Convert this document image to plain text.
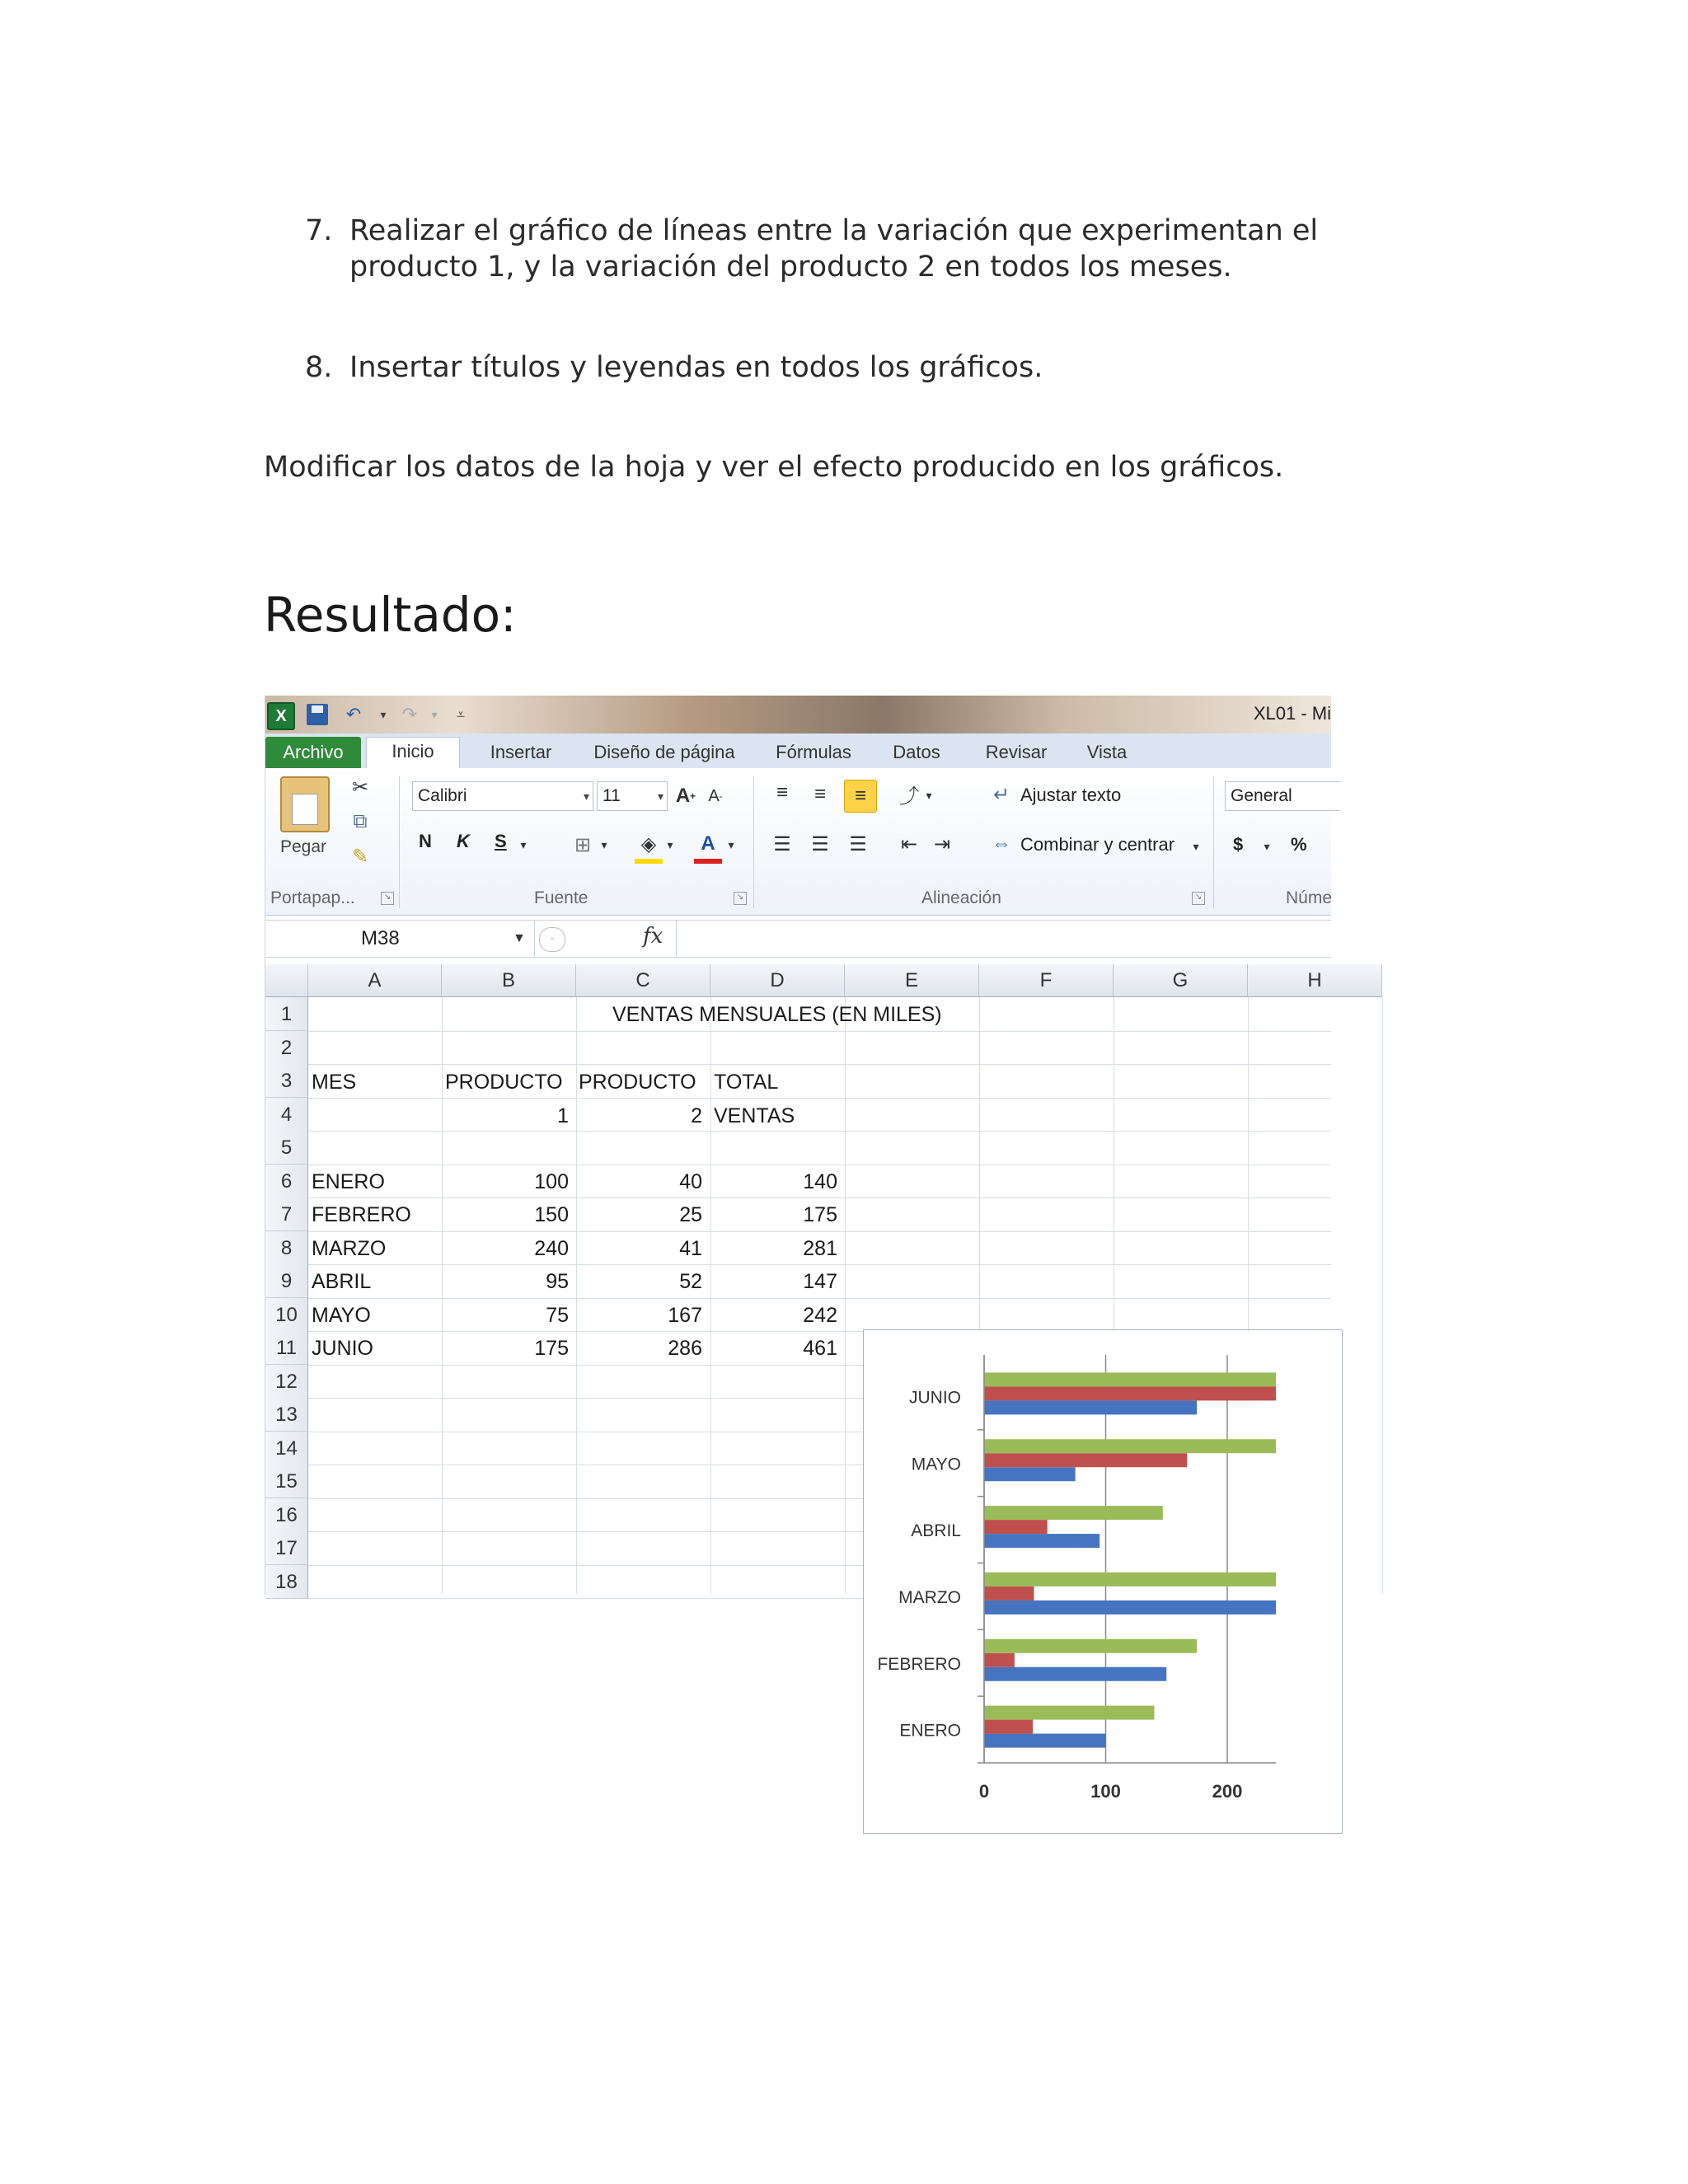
7. Realizar el gráfico de líneas entre la variación que experimentan el
producto 1, y la variación del producto 2 en todos los meses.
8. Insertar títulos y leyendas en todos los gráficos.
Modificar los datos de la hoja y ver el efecto producido en los gráficos.
Resultado:
X	↶	▾ ↷	▾	⩡	XL01 - Mi
Archivo	Inicio	Insertar	Diseño de página	Fórmulas	Datos	Revisar	Vista
Pegar
✂
⧉
✎
Portapap...	↘
Calibri	▾ 11	▾ A + A -
N K S	▾ ⊞ ▾	◈ ▾	A	▾
Fuente	↘
≡	≡	≡	⤴ ▾
☰ ☰ ☰ ⇤ ⇥
↵ Ajustar texto
⇔ Combinar y centrar	▾
Alineación	↘
General
$	▾ %
Núme
M38	▼	-	fx
A	B	C	D	E	F	G	H
1
2
3
4
5
6
7
8
9
10
11
12
13
14
15
16
17
18
VENTAS MENSUALES (EN MILES)
MES	PRODUCTO
1
PRODUCTO
2
TOTAL
VENTAS
ENERO	100	40	140
FEBRERO	150	25	175
MARZO	240	41	281
ABRIL	95	52	147
MAYO	75	167	242
JUNIO	175	286	461
0	100	200
ENERO
FEBRERO
MARZO
ABRIL
MAYO
JUNIO
